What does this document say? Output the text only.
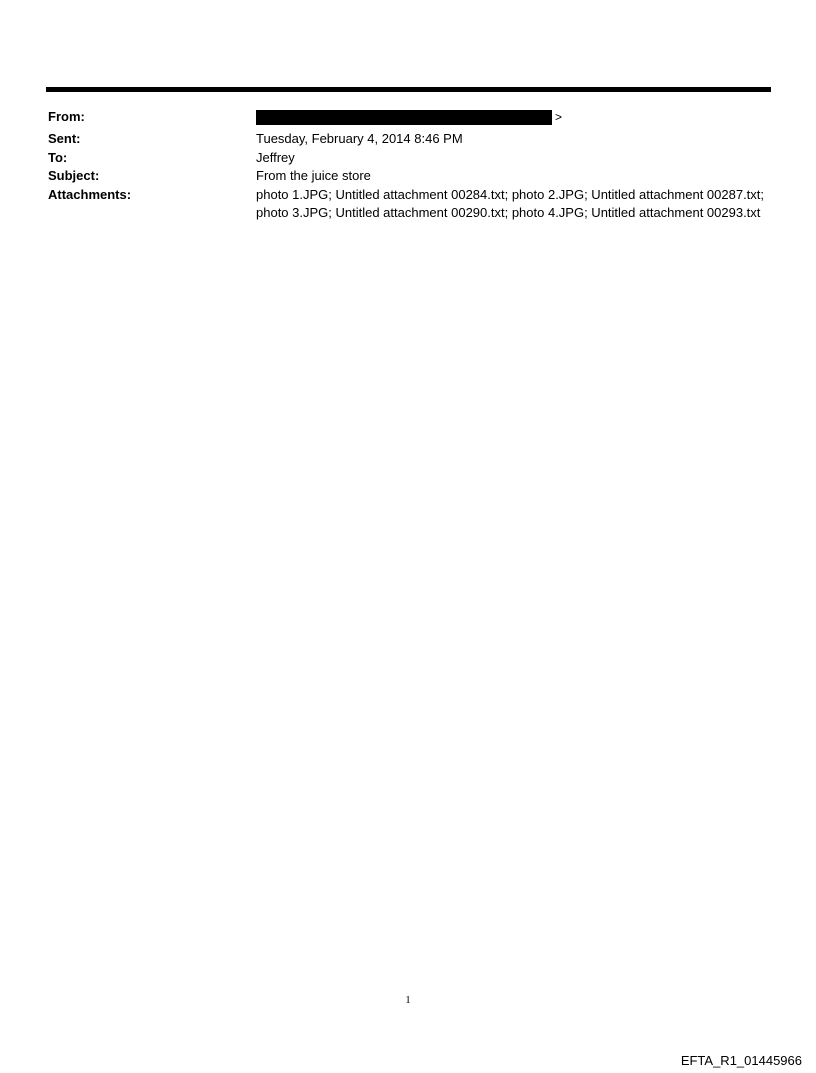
From:	>
Sent:	Tuesday, February 4, 2014 8:46 PM
To:	Jeffrey
Subject:	From the juice store
Attachments:	photo 1.JPG; Untitled attachment 00284.txt; photo 2.JPG; Untitled attachment 00287.txt; photo 3.JPG; Untitled attachment 00290.txt; photo 4.JPG; Untitled attachment 00293.txt
1
EFTA_R1_01445966
